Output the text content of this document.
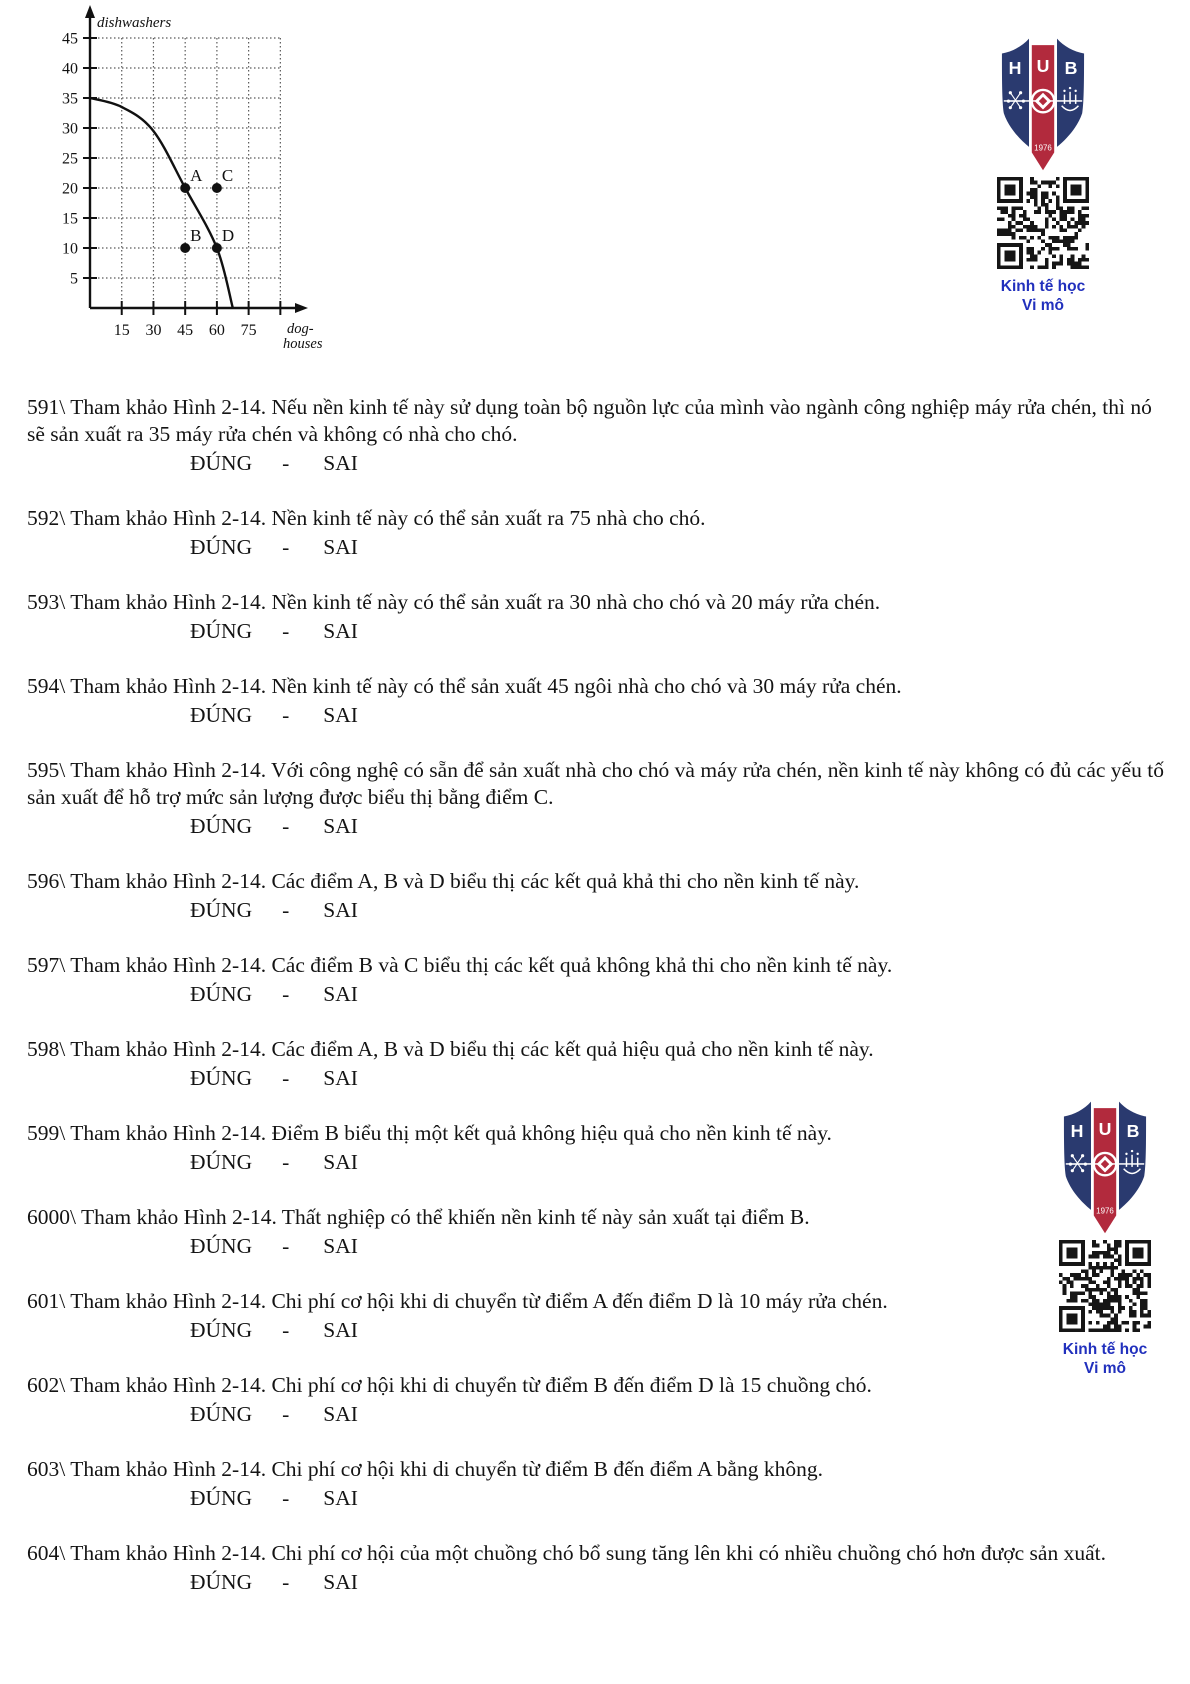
5
10
15
20
25
30
35
40
45
15 30 45 60 75
dishwashers
dog-
houses
A C
B D
H U B
1976
Kinh tế học
Vi mô
H U B
1976
Kinh tế học
Vi mô

591\ Tham khảo Hình 2-14. Nếu nền kinh tế này sử dụng toàn bộ nguồn lực của mình vào ngành công nghiệp máy rửa chén, thì nó sẽ sản xuất ra 35 máy rửa chén và không có nhà cho chó.

ĐÚNG - SAI

592\ Tham khảo Hình 2-14. Nền kinh tế này có thể sản xuất ra 75 nhà cho chó.

ĐÚNG - SAI

593\ Tham khảo Hình 2-14. Nền kinh tế này có thể sản xuất ra 30 nhà cho chó và 20 máy rửa chén.

ĐÚNG - SAI

594\ Tham khảo Hình 2-14. Nền kinh tế này có thể sản xuất 45 ngôi nhà cho chó và 30 máy rửa chén.

ĐÚNG - SAI

595\ Tham khảo Hình 2-14. Với công nghệ có sẵn để sản xuất nhà cho chó và máy rửa chén, nền kinh tế này không có đủ các yếu tố sản xuất để hỗ trợ mức sản lượng được biểu thị bằng điểm C.

ĐÚNG - SAI

596\ Tham khảo Hình 2-14. Các điểm A, B và D biểu thị các kết quả khả thi cho nền kinh tế này.

ĐÚNG - SAI

597\ Tham khảo Hình 2-14. Các điểm B và C biểu thị các kết quả không khả thi cho nền kinh tế này.

ĐÚNG - SAI

598\ Tham khảo Hình 2-14. Các điểm A, B và D biểu thị các kết quả hiệu quả cho nền kinh tế này.

ĐÚNG - SAI

599\ Tham khảo Hình 2-14. Điểm B biểu thị một kết quả không hiệu quả cho nền kinh tế này.

ĐÚNG - SAI

6000\ Tham khảo Hình 2-14. Thất nghiệp có thể khiến nền kinh tế này sản xuất tại điểm B.

ĐÚNG - SAI

601\ Tham khảo Hình 2-14. Chi phí cơ hội khi di chuyển từ điểm A đến điểm D là 10 máy rửa chén.

ĐÚNG - SAI

602\ Tham khảo Hình 2-14. Chi phí cơ hội khi di chuyển từ điểm B đến điểm D là 15 chuồng chó.

ĐÚNG - SAI

603\ Tham khảo Hình 2-14. Chi phí cơ hội khi di chuyển từ điểm B đến điểm A bằng không.

ĐÚNG - SAI

604\ Tham khảo Hình 2-14. Chi phí cơ hội của một chuồng chó bổ sung tăng lên khi có nhiều chuồng chó hơn được sản xuất.

ĐÚNG - SAI
